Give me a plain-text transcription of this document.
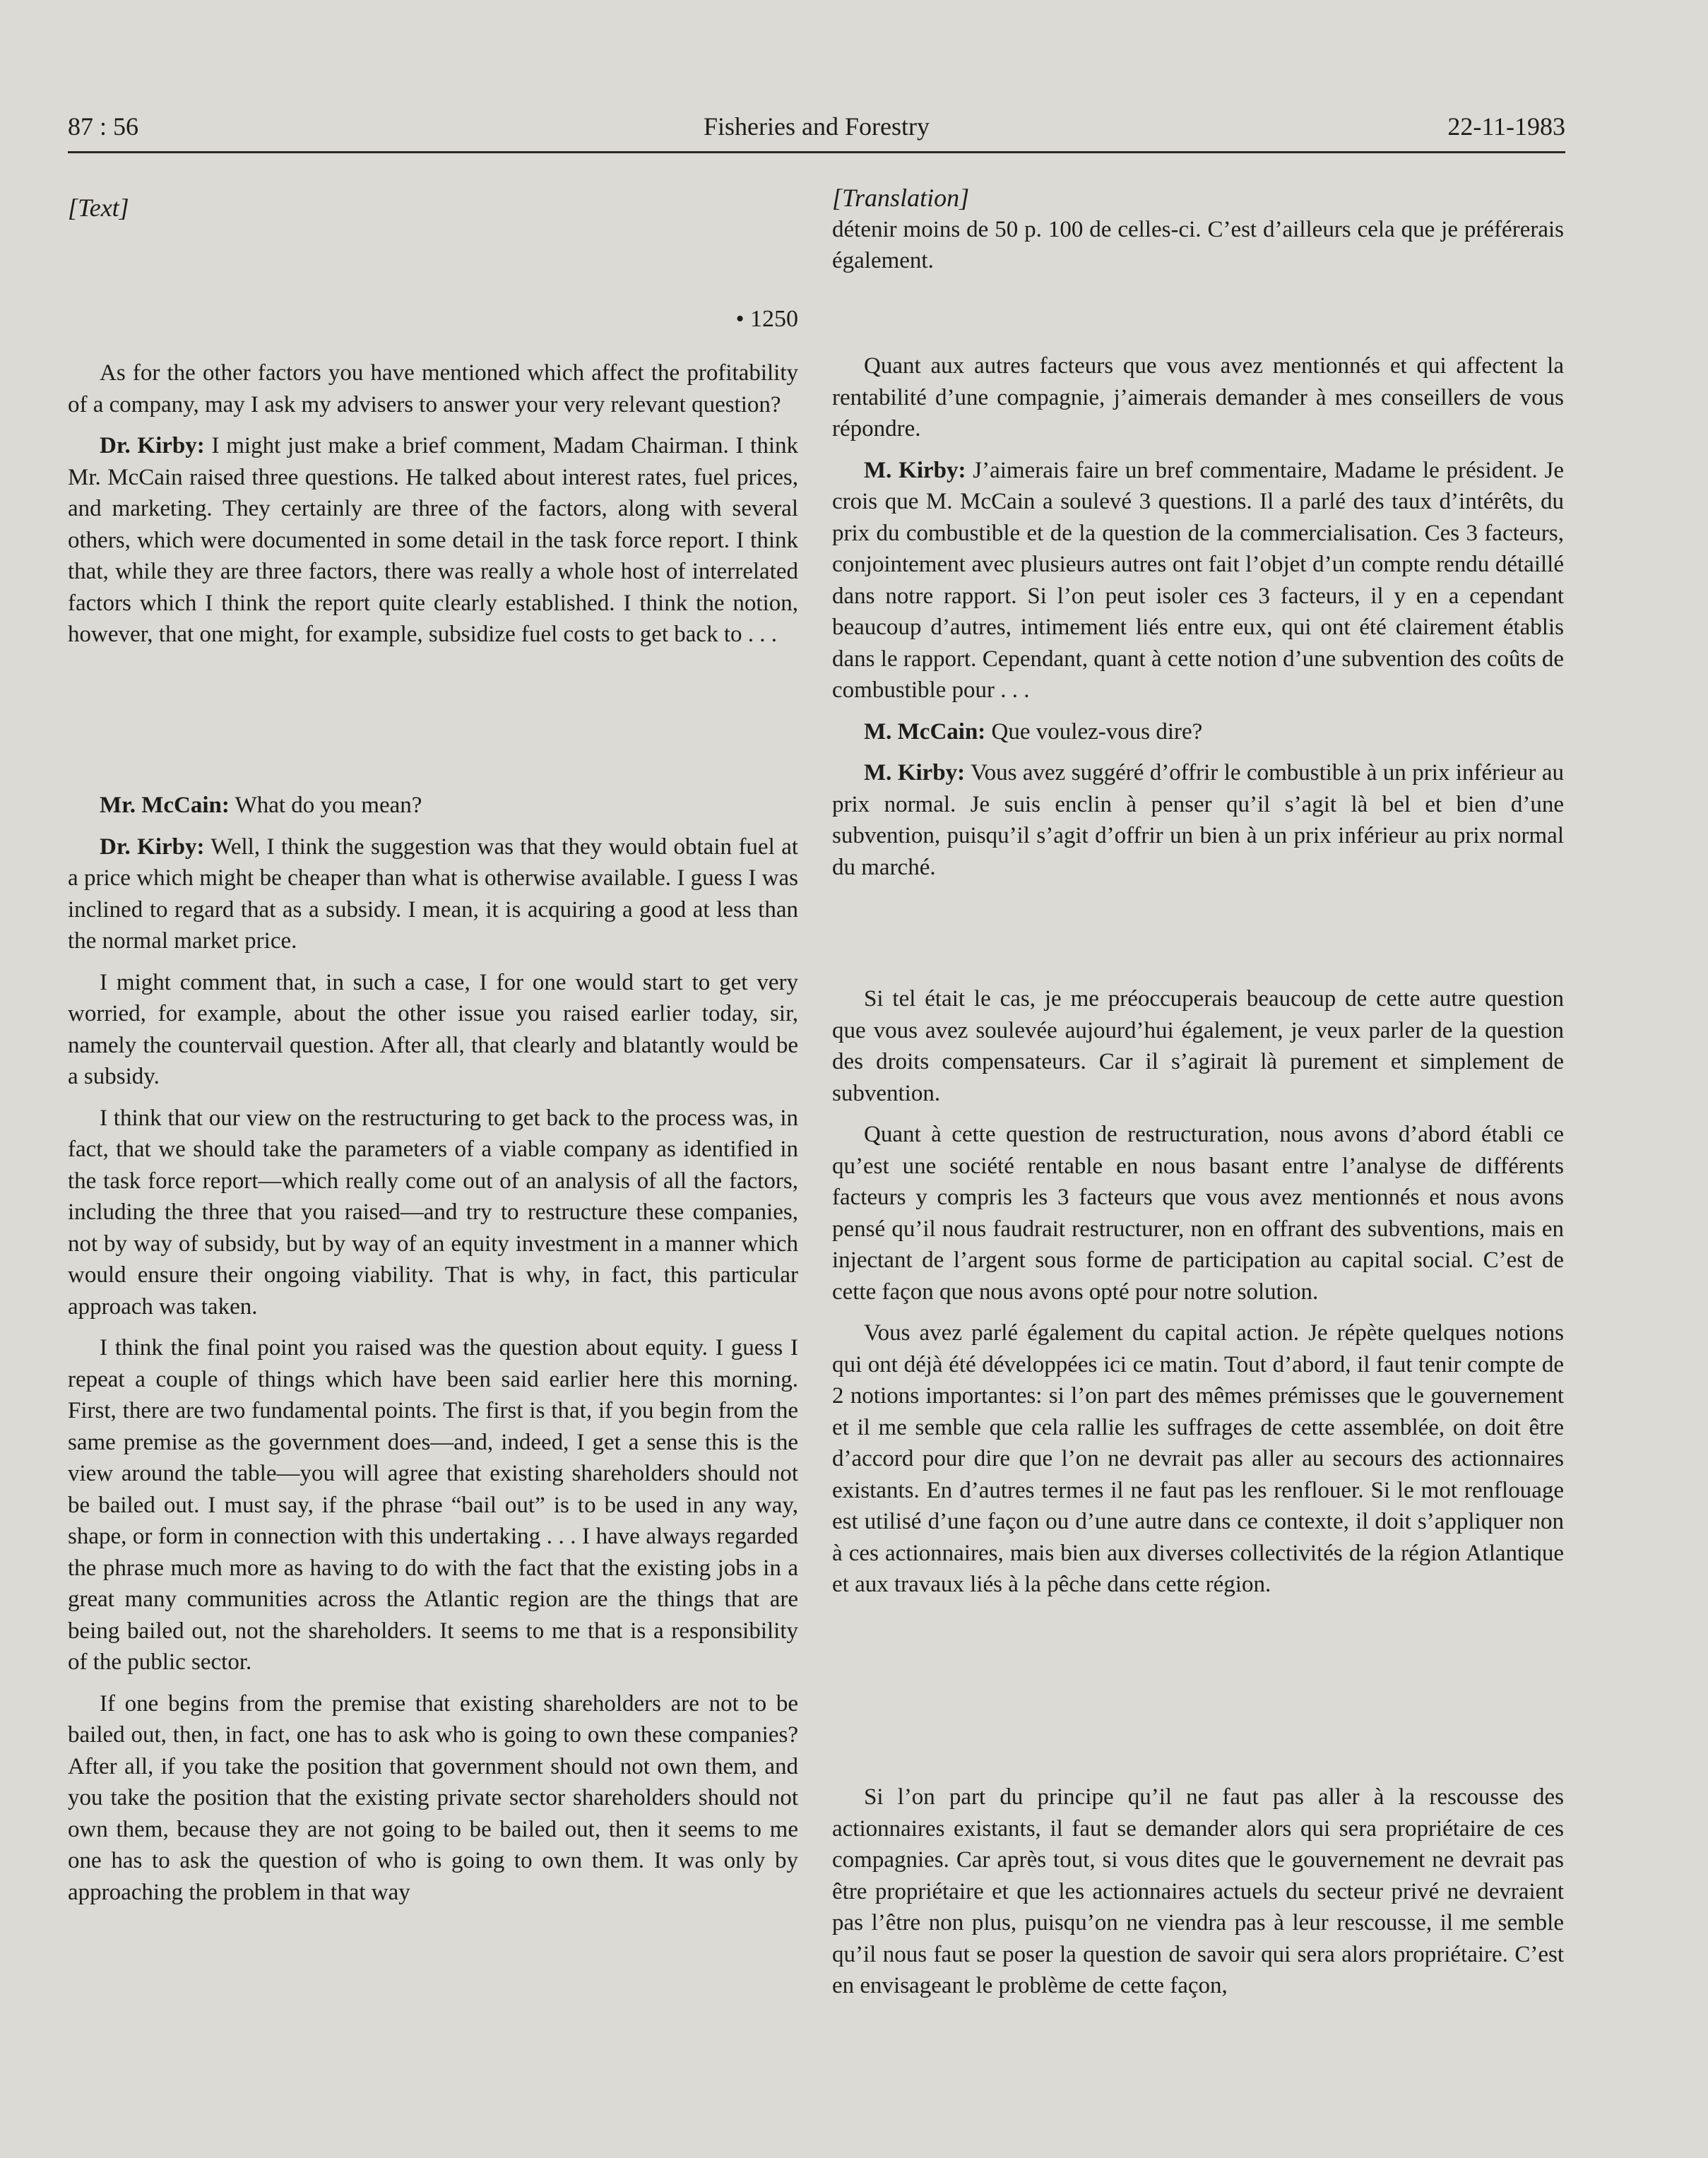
87 : 56	Fisheries and Forestry	22-11-1983
[Text]

• 1250

As for the other factors you have mentioned which affect the profitability of a company, may I ask my advisers to answer your very relevant question?

Dr. Kirby: I might just make a brief comment, Madam Chairman. I think Mr. McCain raised three questions. He talked about interest rates, fuel prices, and marketing. They certainly are three of the factors, along with several others, which were documented in some detail in the task force report. I think that, while they are three factors, there was really a whole host of interrelated factors which I think the report quite clearly established. I think the notion, however, that one might, for example, subsidize fuel costs to get back to . . .

Mr. McCain: What do you mean?

Dr. Kirby: Well, I think the suggestion was that they would obtain fuel at a price which might be cheaper than what is otherwise available. I guess I was inclined to regard that as a subsidy. I mean, it is acquiring a good at less than the normal market price.

I might comment that, in such a case, I for one would start to get very worried, for example, about the other issue you raised earlier today, sir, namely the countervail question. After all, that clearly and blatantly would be a subsidy.

I think that our view on the restructuring to get back to the process was, in fact, that we should take the parameters of a viable company as identified in the task force report—which really come out of an analysis of all the factors, including the three that you raised—and try to restructure these companies, not by way of subsidy, but by way of an equity investment in a manner which would ensure their ongoing viability. That is why, in fact, this particular approach was taken.

I think the final point you raised was the question about equity. I guess I repeat a couple of things which have been said earlier here this morning. First, there are two fundamental points. The first is that, if you begin from the same premise as the government does—and, indeed, I get a sense this is the view around the table—you will agree that existing shareholders should not be bailed out. I must say, if the phrase “bail out” is to be used in any way, shape, or form in connection with this undertaking . . . I have always regarded the phrase much more as having to do with the fact that the existing jobs in a great many communities across the Atlantic region are the things that are being bailed out, not the shareholders. It seems to me that is a responsibility of the public sector.

If one begins from the premise that existing shareholders are not to be bailed out, then, in fact, one has to ask who is going to own these companies? After all, if you take the position that government should not own them, and you take the position that the existing private sector shareholders should not own them, because they are not going to be bailed out, then it seems to me one has to ask the question of who is going to own them. It was only by approaching the problem in that way

[Translation]

détenir moins de 50 p. 100 de celles-ci. C’est d’ailleurs cela que je préférerais également.

Quant aux autres facteurs que vous avez mentionnés et qui affectent la rentabilité d’une compagnie, j’aimerais demander à mes conseillers de vous répondre.

M. Kirby: J’aimerais faire un bref commentaire, Madame le président. Je crois que M. McCain a soulevé 3 questions. Il a parlé des taux d’intérêts, du prix du combustible et de la question de la commercialisation. Ces 3 facteurs, conjointement avec plusieurs autres ont fait l’objet d’un compte rendu détaillé dans notre rapport. Si l’on peut isoler ces 3 facteurs, il y en a cependant beaucoup d’autres, intimement liés entre eux, qui ont été clairement établis dans le rapport. Cependant, quant à cette notion d’une subvention des coûts de combustible pour . . .

M. McCain: Que voulez-vous dire?

M. Kirby: Vous avez suggéré d’offrir le combustible à un prix inférieur au prix normal. Je suis enclin à penser qu’il s’agit là bel et bien d’une subvention, puisqu’il s’agit d’offrir un bien à un prix inférieur au prix normal du marché.

Si tel était le cas, je me préoccuperais beaucoup de cette autre question que vous avez soulevée aujourd’hui également, je veux parler de la question des droits compensateurs. Car il s’agirait là purement et simplement de subvention.

Quant à cette question de restructuration, nous avons d’abord établi ce qu’est une société rentable en nous basant entre l’analyse de différents facteurs y compris les 3 facteurs que vous avez mentionnés et nous avons pensé qu’il nous faudrait restructurer, non en offrant des subventions, mais en injectant de l’argent sous forme de participation au capital social. C’est de cette façon que nous avons opté pour notre solution.

Vous avez parlé également du capital action. Je répète quelques notions qui ont déjà été développées ici ce matin. Tout d’abord, il faut tenir compte de 2 notions importantes: si l’on part des mêmes prémisses que le gouvernement et il me semble que cela rallie les suffrages de cette assemblée, on doit être d’accord pour dire que l’on ne devrait pas aller au secours des actionnaires existants. En d’autres termes il ne faut pas les renflouer. Si le mot renflouage est utilisé d’une façon ou d’une autre dans ce contexte, il doit s’appliquer non à ces actionnaires, mais bien aux diverses collectivités de la région Atlantique et aux travaux liés à la pêche dans cette région.

Si l’on part du principe qu’il ne faut pas aller à la rescousse des actionnaires existants, il faut se demander alors qui sera propriétaire de ces compagnies. Car après tout, si vous dites que le gouvernement ne devrait pas être propriétaire et que les actionnaires actuels du secteur privé ne devraient pas l’être non plus, puisqu’on ne viendra pas à leur rescousse, il me semble qu’il nous faut se poser la question de savoir qui sera alors propriétaire. C’est en envisageant le problème de cette façon,
